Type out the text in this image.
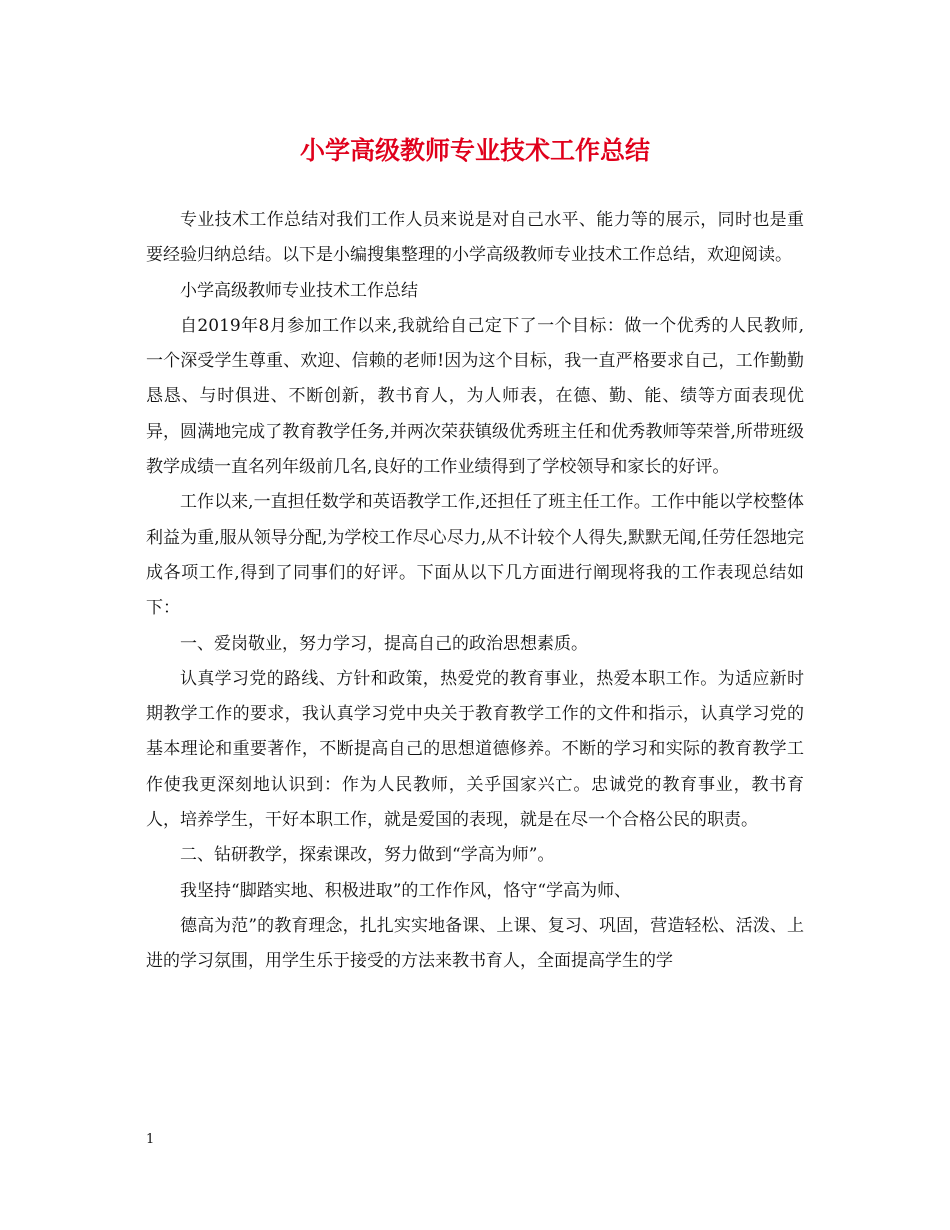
小学高级教师专业技术工作总结

专业技术工作总结对我们工作人员来说是对自己水平、能力等的展示，同时也是重要经验归纳总结。以下是小编搜集整理的小学高级教师专业技术工作总结，欢迎阅读。

小学高级教师专业技术工作总结

自2019年8月参加工作以来,我就给自己定下了一个目标：做一个优秀的人民教师,一个深受学生尊重、欢迎、信赖的老师!因为这个目标，我一直严格要求自己，工作勤勤恳恳、与时俱进、不断创新，教书育人，为人师表，在德、勤、能、绩等方面表现优异，圆满地完成了教育教学任务,并两次荣获镇级优秀班主任和优秀教师等荣誉,所带班级教学成绩一直名列年级前几名,良好的工作业绩得到了学校领导和家长的好评。

工作以来,一直担任数学和英语教学工作,还担任了班主任工作。工作中能以学校整体利益为重,服从领导分配,为学校工作尽心尽力,从不计较个人得失,默默无闻,任劳任怨地完成各项工作,得到了同事们的好评。下面从以下几方面进行阐现将我的工作表现总结如下：

一、爱岗敬业，努力学习，提高自己的政治思想素质。

认真学习党的路线、方针和政策，热爱党的教育事业，热爱本职工作。为适应新时期教学工作的要求，我认真学习党中央关于教育教学工作的文件和指示，认真学习党的基本理论和重要著作，不断提高自己的思想道德修养。不断的学习和实际的教育教学工作使我更深刻地认识到：作为人民教师，关乎国家兴亡。忠诚党的教育事业，教书育人，培养学生，干好本职工作，就是爱国的表现，就是在尽一个合格公民的职责。

二、钻研教学，探索课改，努力做到“学高为师”。

我坚持“脚踏实地、积极进取”的工作作风，恪守“学高为师、

德高为范”的教育理念，扎扎实实地备课、上课、复习、巩固，营造轻松、活泼、上进的学习氛围，用学生乐于接受的方法来教书育人，全面提高学生的学

1
